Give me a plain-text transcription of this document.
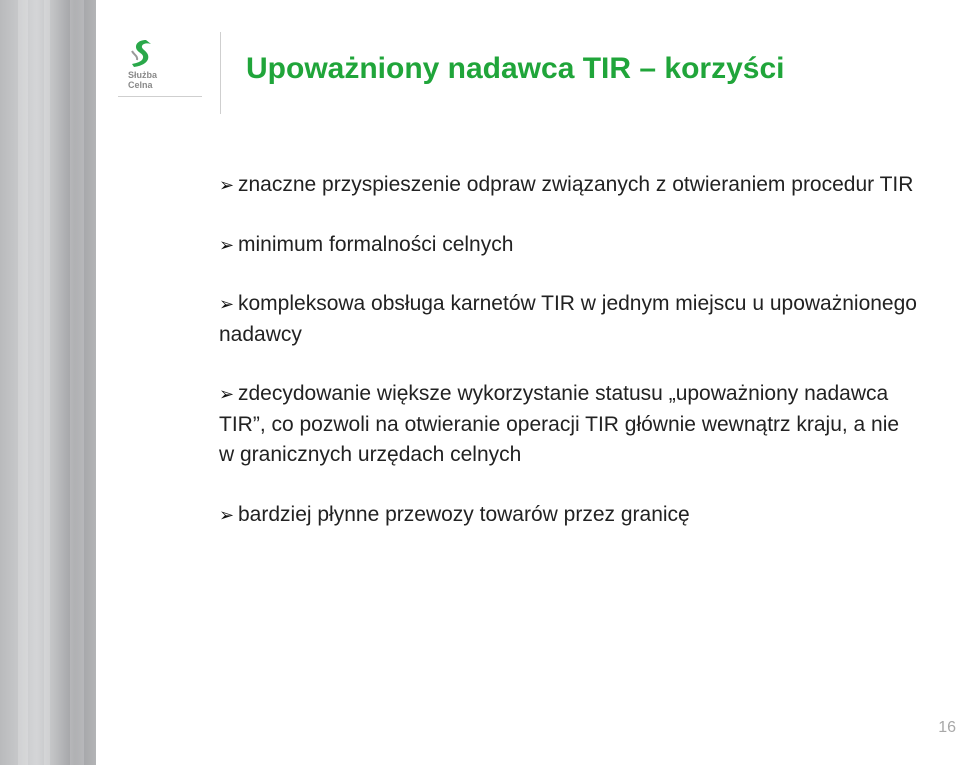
Służba
Celna	Upoważniony nadawca TIR – korzyści
➢ znaczne przyspieszenie odpraw związanych z otwieraniem procedur TIR
➢ minimum formalności celnych
➢ kompleksowa obsługa karnetów TIR w jednym miejscu u upoważnionego nadawcy
➢ zdecydowanie większe wykorzystanie statusu „upoważniony nadawca TIR”, co pozwoli na otwieranie operacji TIR głównie wewnątrz kraju, a nie w granicznych urzędach celnych
➢ bardziej płynne przewozy towarów przez granicę
16
